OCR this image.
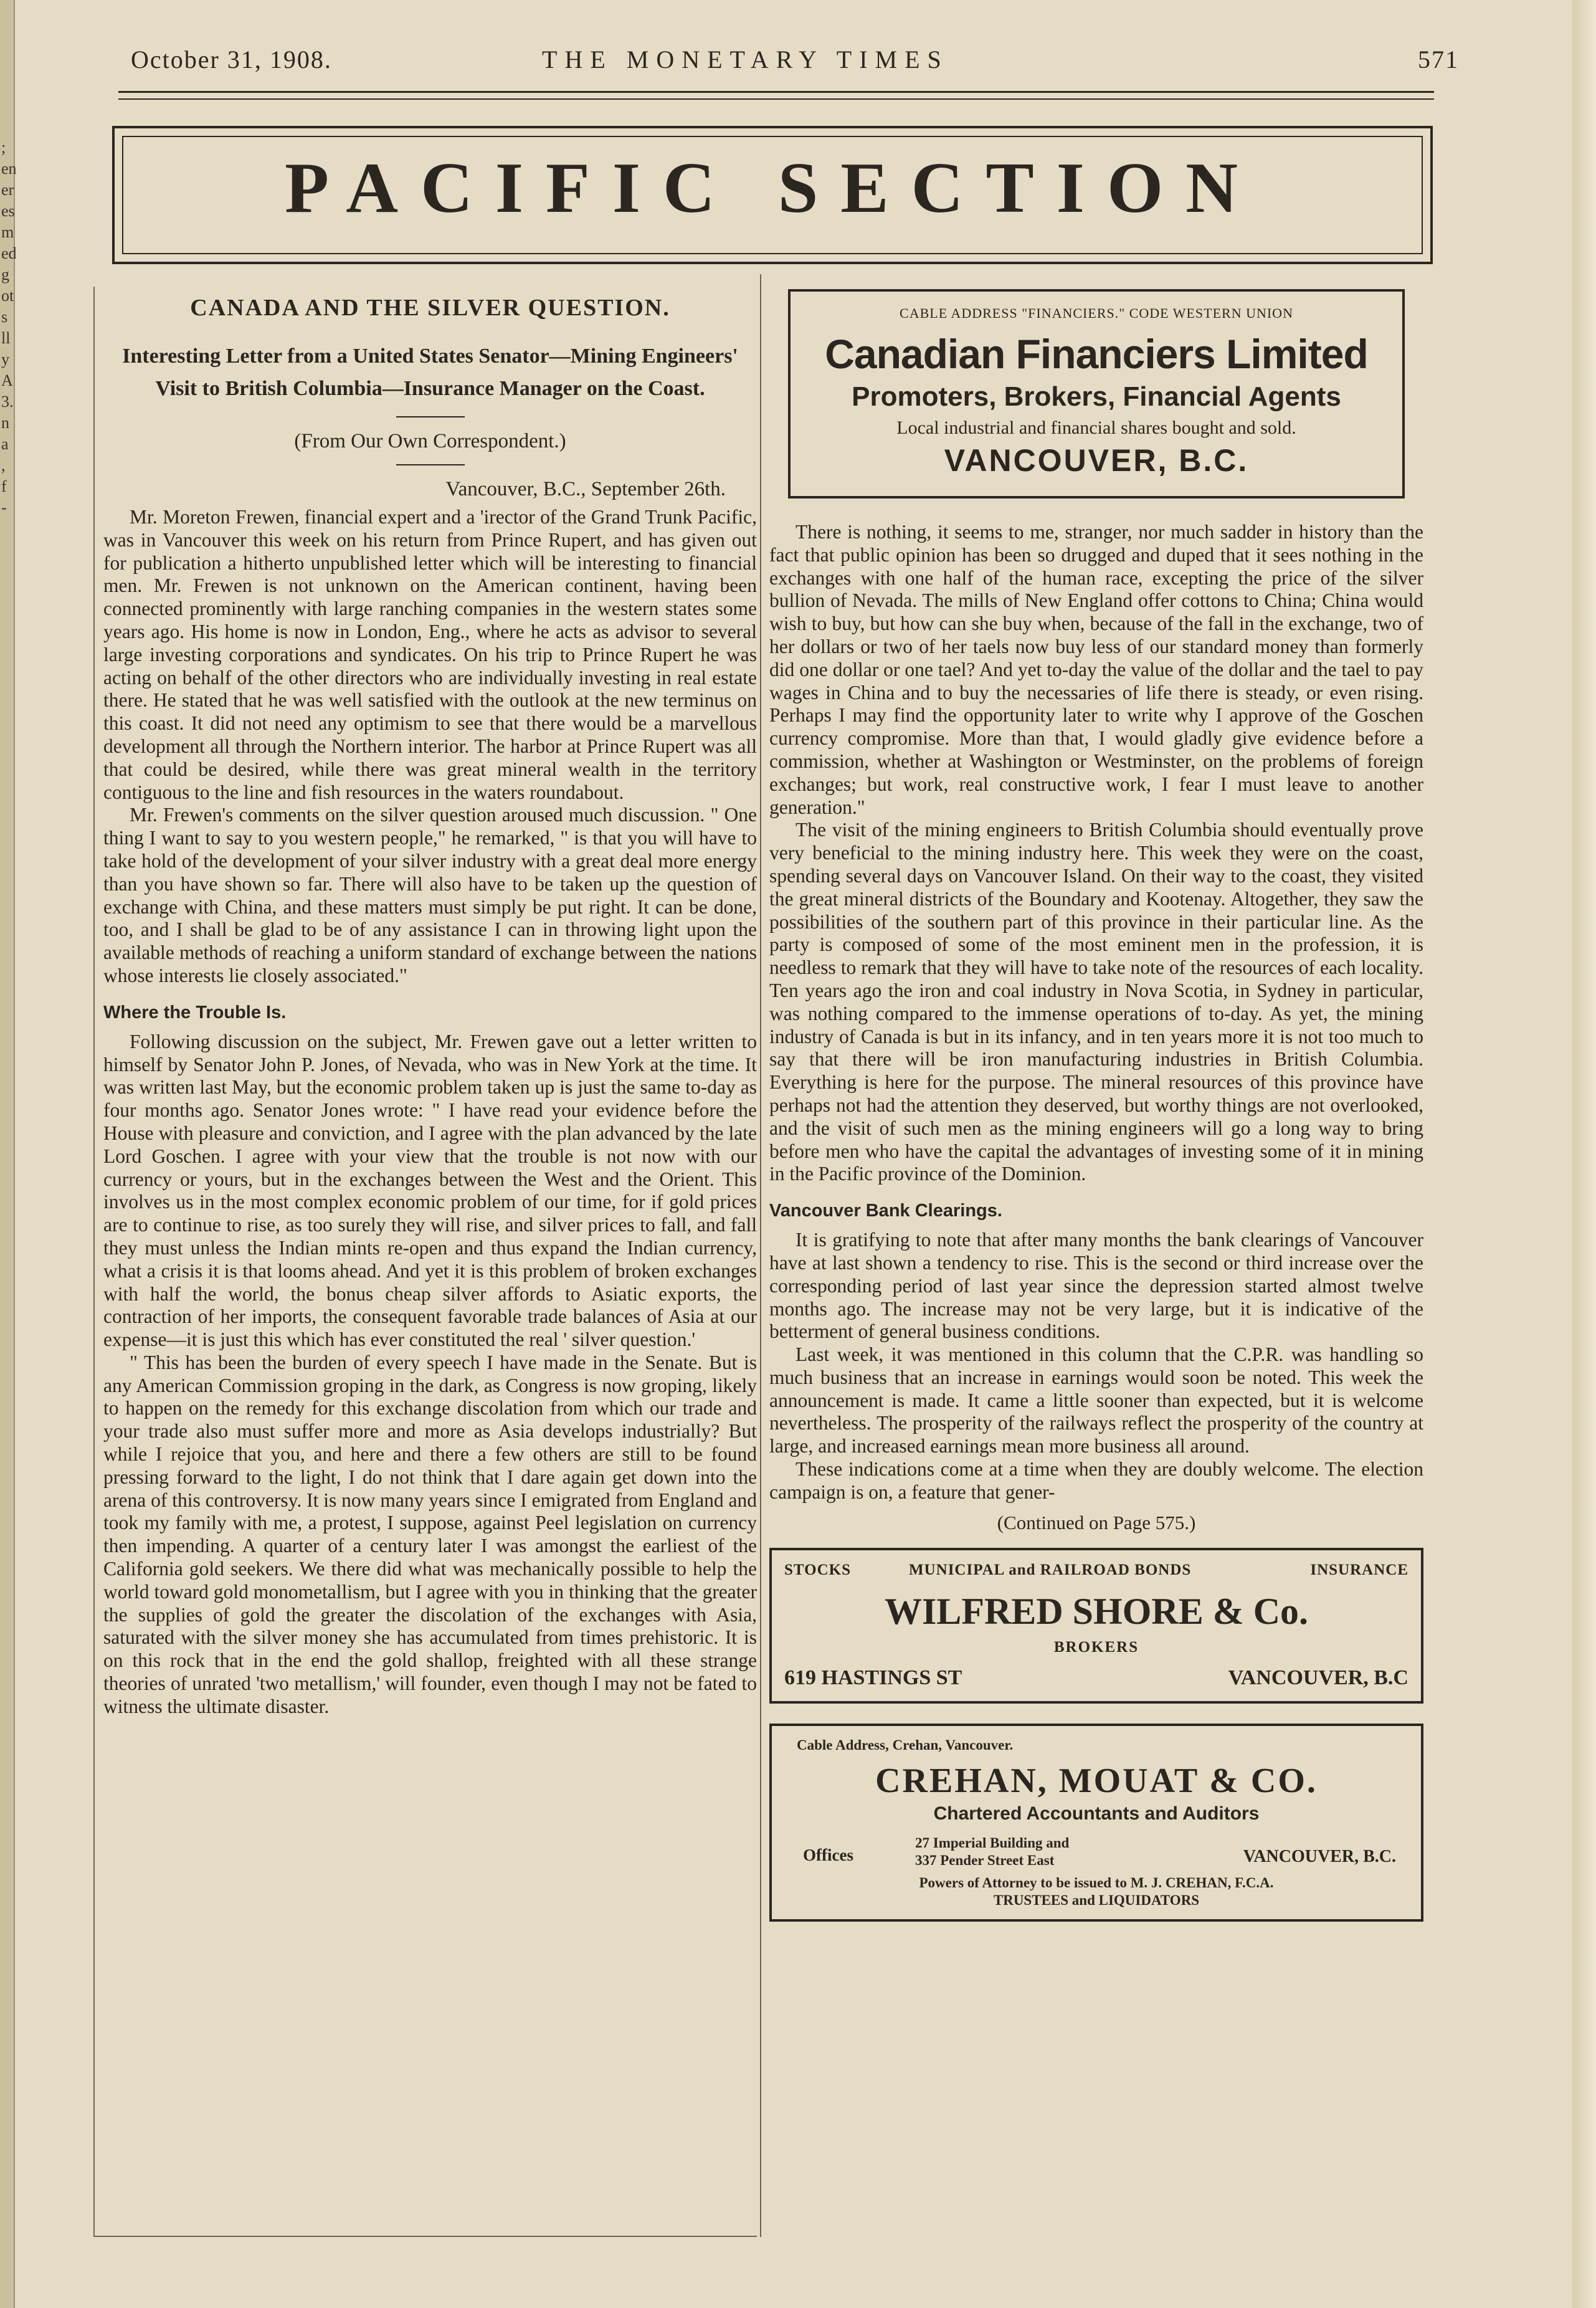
;
en
er
es
m
ed
g
ot
s
ll
y
A
3.
n
a
,
f
-
October 31, 1908.	THE MONETARY TIMES	571
PACIFIC SECTION
CANADA AND THE SILVER QUESTION.
Interesting Letter from a United States Senator—Mining Engineers' Visit to British Columbia—Insurance Manager on the Coast.
(From Our Own Correspondent.)
Vancouver, B.C., September 26th.

Mr. Moreton Frewen, financial expert and a 'irector of the Grand Trunk Pacific, was in Vancouver this week on his return from Prince Rupert, and has given out for publication a hitherto unpublished letter which will be interesting to financial men. Mr. Frewen is not unknown on the American continent, having been connected prominently with large ranching companies in the western states some years ago. His home is now in London, Eng., where he acts as advisor to several large investing corporations and syndicates. On his trip to Prince Rupert he was acting on behalf of the other directors who are individually investing in real estate there. He stated that he was well satisfied with the outlook at the new terminus on this coast. It did not need any optimism to see that there would be a marvellous development all through the Northern interior. The harbor at Prince Rupert was all that could be desired, while there was great mineral wealth in the territory contiguous to the line and fish resources in the waters roundabout.

Mr. Frewen's comments on the silver question aroused much discussion. " One thing I want to say to you western people," he remarked, " is that you will have to take hold of the development of your silver industry with a great deal more energy than you have shown so far. There will also have to be taken up the question of exchange with China, and these matters must simply be put right. It can be done, too, and I shall be glad to be of any assistance I can in throwing light upon the available methods of reaching a uniform standard of exchange between the nations whose interests lie closely associated."

Where the Trouble Is.

Following discussion on the subject, Mr. Frewen gave out a letter written to himself by Senator John P. Jones, of Nevada, who was in New York at the time. It was written last May, but the economic problem taken up is just the same to-day as four months ago. Senator Jones wrote: " I have read your evidence before the House with pleasure and conviction, and I agree with the plan advanced by the late Lord Goschen. I agree with your view that the trouble is not now with our currency or yours, but in the exchanges between the West and the Orient. This involves us in the most complex economic problem of our time, for if gold prices are to continue to rise, as too surely they will rise, and silver prices to fall, and fall they must unless the Indian mints re-open and thus expand the Indian currency, what a crisis it is that looms ahead. And yet it is this problem of broken exchanges with half the world, the bonus cheap silver affords to Asiatic exports, the contraction of her imports, the consequent favorable trade balances of Asia at our expense—it is just this which has ever constituted the real ' silver question.'

" This has been the burden of every speech I have made in the Senate. But is any American Commission groping in the dark, as Congress is now groping, likely to happen on the remedy for this exchange discolation from which our trade and your trade also must suffer more and more as Asia develops industrially? But while I rejoice that you, and here and there a few others are still to be found pressing forward to the light, I do not think that I dare again get down into the arena of this controversy. It is now many years since I emigrated from England and took my family with me, a protest, I suppose, against Peel legislation on currency then impending. A quarter of a century later I was amongst the earliest of the California gold seekers. We there did what was mechanically possible to help the world toward gold monometallism, but I agree with you in thinking that the greater the supplies of gold the greater the discolation of the exchanges with Asia, saturated with the silver money she has accumulated from times prehistoric. It is on this rock that in the end the gold shallop, freighted with all these strange theories of unrated 'two metallism,' will founder, even though I may not be fated to witness the ultimate disaster.

CABLE ADDRESS "FINANCIERS." CODE WESTERN UNION
Canadian Financiers Limited
Promoters, Brokers, Financial Agents
Local industrial and financial shares bought and sold.
VANCOUVER, B.C.

There is nothing, it seems to me, stranger, nor much sadder in history than the fact that public opinion has been so drugged and duped that it sees nothing in the exchanges with one half of the human race, excepting the price of the silver bullion of Nevada. The mills of New England offer cottons to China; China would wish to buy, but how can she buy when, because of the fall in the exchange, two of her dollars or two of her taels now buy less of our standard money than formerly did one dollar or one tael? And yet to-day the value of the dollar and the tael to pay wages in China and to buy the necessaries of life there is steady, or even rising. Perhaps I may find the opportunity later to write why I approve of the Goschen currency compromise. More than that, I would gladly give evidence before a commission, whether at Washington or Westminster, on the problems of foreign exchanges; but work, real constructive work, I fear I must leave to another generation."

The visit of the mining engineers to British Columbia should eventually prove very beneficial to the mining industry here. This week they were on the coast, spending several days on Vancouver Island. On their way to the coast, they visited the great mineral districts of the Boundary and Kootenay. Altogether, they saw the possibilities of the southern part of this province in their particular line. As the party is composed of some of the most eminent men in the profession, it is needless to remark that they will have to take note of the resources of each locality. Ten years ago the iron and coal industry in Nova Scotia, in Sydney in particular, was nothing compared to the immense operations of to-day. As yet, the mining industry of Canada is but in its infancy, and in ten years more it is not too much to say that there will be iron manufacturing industries in British Columbia. Everything is here for the purpose. The mineral resources of this province have perhaps not had the attention they deserved, but worthy things are not overlooked, and the visit of such men as the mining engineers will go a long way to bring before men who have the capital the advantages of investing some of it in mining in the Pacific province of the Dominion.

Vancouver Bank Clearings.

It is gratifying to note that after many months the bank clearings of Vancouver have at last shown a tendency to rise. This is the second or third increase over the corresponding period of last year since the depression started almost twelve months ago. The increase may not be very large, but it is indicative of the betterment of general business conditions.

Last week, it was mentioned in this column that the C.P.R. was handling so much business that an increase in earnings would soon be noted. This week the announcement is made. It came a little sooner than expected, but it is welcome nevertheless. The prosperity of the railways reflect the prosperity of the country at large, and increased earnings mean more business all around.

These indications come at a time when they are doubly welcome. The election campaign is on, a feature that gener-

(Continued on Page 575.)
STOCKS	MUNICIPAL and RAILROAD BONDS	INSURANCE
WILFRED SHORE & Co.
BROKERS
619 HASTINGS ST	VANCOUVER, B.C
Cable Address, Crehan, Vancouver.
CREHAN, MOUAT & CO.
Chartered Accountants and Auditors
Offices
27 Imperial Building and
337 Pender Street East	VANCOUVER, B.C.
Powers of Attorney to be issued to M. J. CREHAN, F.C.A.
TRUSTEES and LIQUIDATORS
